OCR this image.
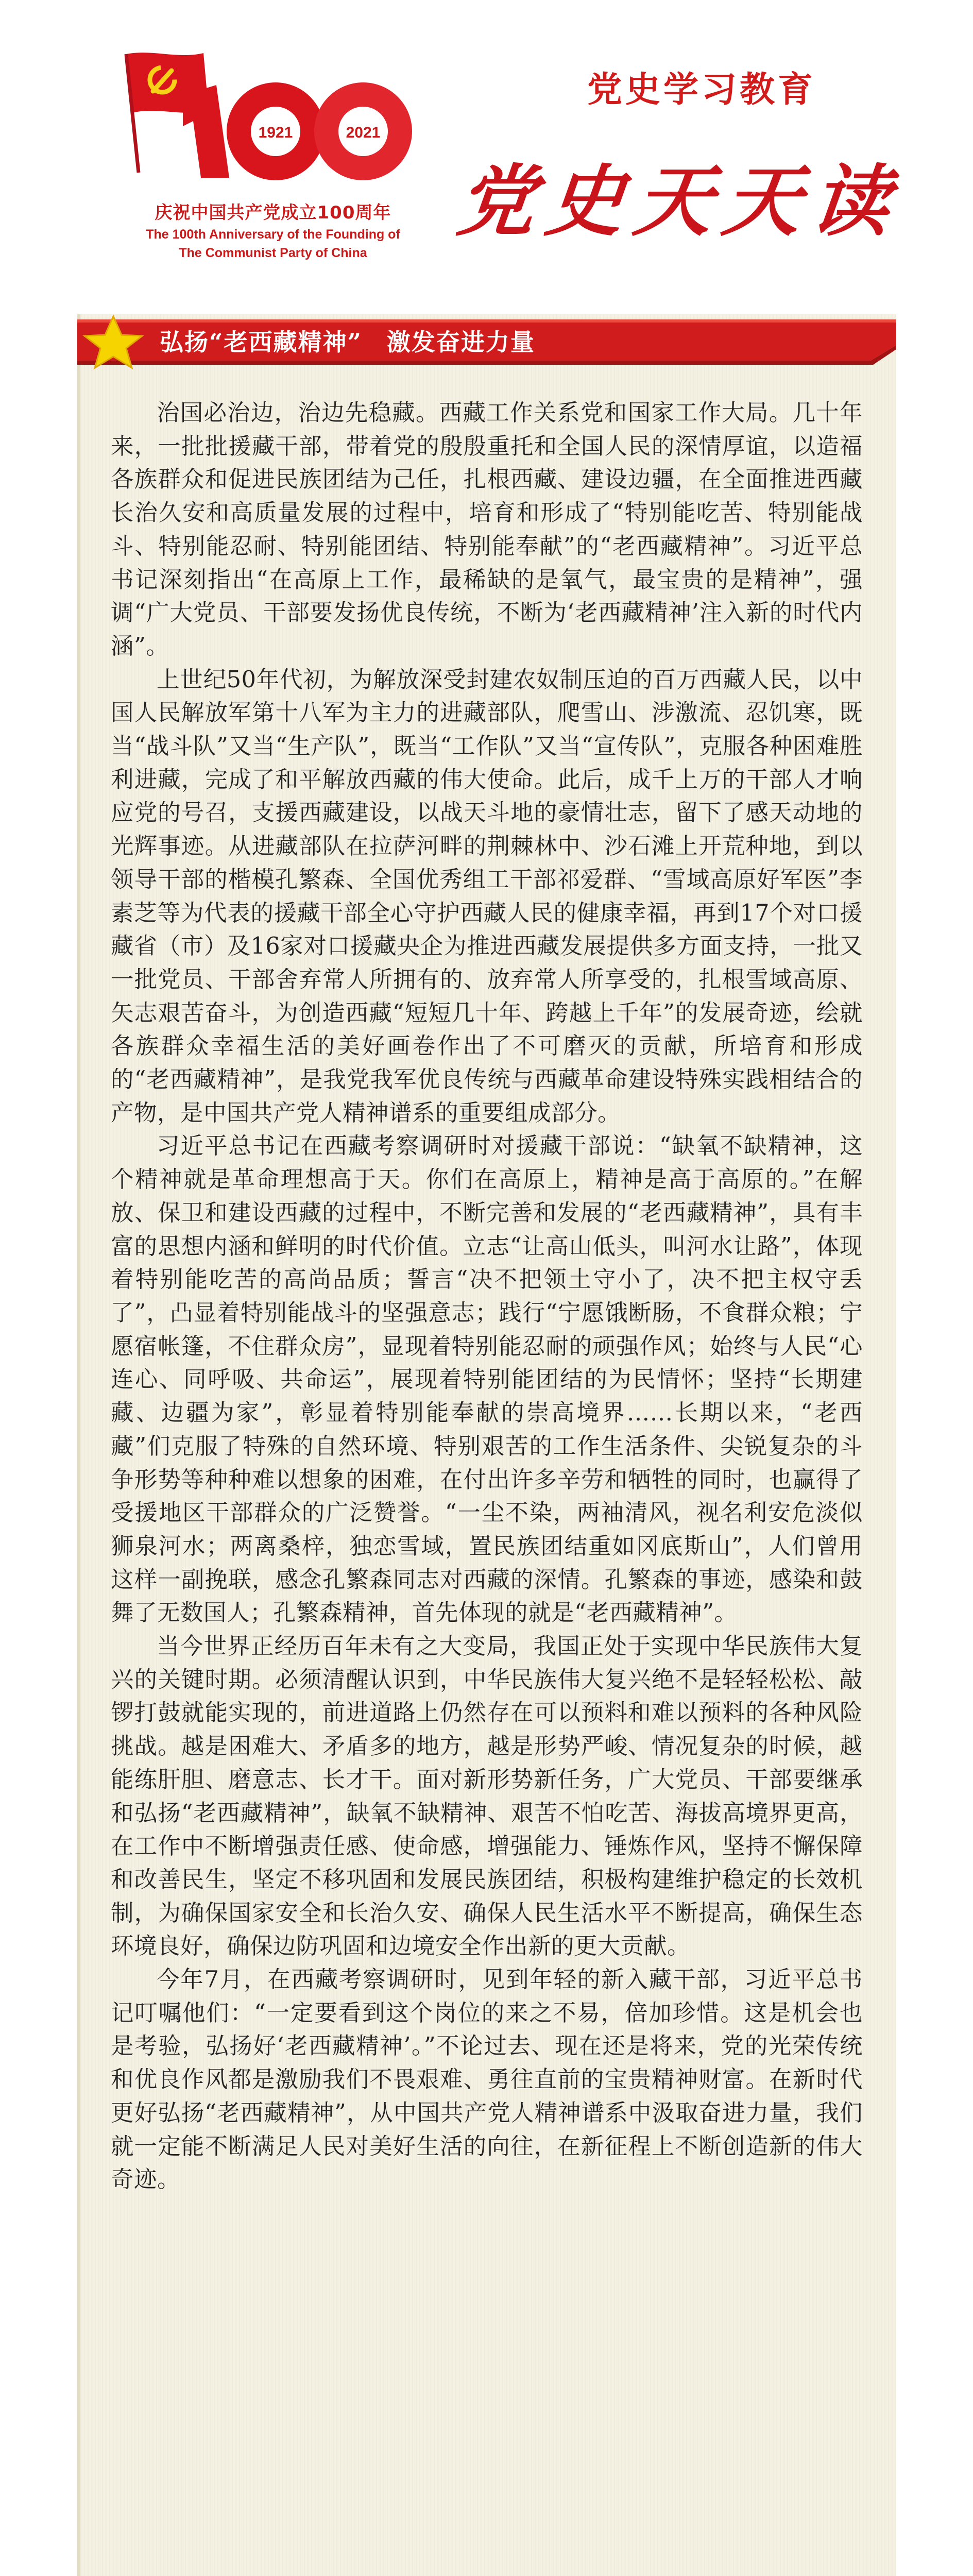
1921	2021
庆祝中国共产党成立100周年
The 100th Anniversary of the Founding of
The Communist Party of China
党史学习教育
党史天天读
弘扬“老西藏精神”　激发奋进力量

治国必治边，治边先稳藏。西藏工作关系党和国家工作大局。几十年来，一批批援藏干部，带着党的殷殷重托和全国人民的深情厚谊，以造福各族群众和促进民族团结为己任，扎根西藏、建设边疆，在全面推进西藏长治久安和高质量发展的过程中，培育和形成了“特别能吃苦、特别能战斗、特别能忍耐、特别能团结、特别能奉献”的“老西藏精神”。习近平总书记深刻指出“在高原上工作，最稀缺的是氧气，最宝贵的是精神”，强调“广大党员、干部要发扬优良传统，不断为‘老西藏精神’注入新的时代内涵”。

上世纪50年代初，为解放深受封建农奴制压迫的百万西藏人民，以中国人民解放军第十八军为主力的进藏部队，爬雪山、涉激流、忍饥寒，既当“战斗队”又当“生产队”，既当“工作队”又当“宣传队”，克服各种困难胜利进藏，完成了和平解放西藏的伟大使命。此后，成千上万的干部人才响应党的号召，支援西藏建设，以战天斗地的豪情壮志，留下了感天动地的光辉事迹。从进藏部队在拉萨河畔的荆棘林中、沙石滩上开荒种地，到以领导干部的楷模孔繁森、全国优秀组工干部祁爱群、“雪域高原好军医”李素芝等为代表的援藏干部全心守护西藏人民的健康幸福，再到17个对口援藏省（市）及16家对口援藏央企为推进西藏发展提供多方面支持，一批又一批党员、干部舍弃常人所拥有的、放弃常人所享受的，扎根雪域高原、矢志艰苦奋斗，为创造西藏“短短几十年、跨越上千年”的发展奇迹，绘就各族群众幸福生活的美好画卷作出了不可磨灭的贡献，所培育和形成的“老西藏精神”，是我党我军优良传统与西藏革命建设特殊实践相结合的产物，是中国共产党人精神谱系的重要组成部分。

习近平总书记在西藏考察调研时对援藏干部说：“缺氧不缺精神，这个精神就是革命理想高于天。你们在高原上，精神是高于高原的。”在解放、保卫和建设西藏的过程中，不断完善和发展的“老西藏精神”，具有丰富的思想内涵和鲜明的时代价值。立志“让高山低头，叫河水让路”，体现着特别能吃苦的高尚品质；誓言“决不把领土守小了，决不把主权守丢了”，凸显着特别能战斗的坚强意志；践行“宁愿饿断肠，不食群众粮；宁愿宿帐篷，不住群众房”，显现着特别能忍耐的顽强作风；始终与人民“心连心、同呼吸、共命运”，展现着特别能团结的为民情怀；坚持“长期建藏、边疆为家”，彰显着特别能奉献的崇高境界……长期以来，“老西藏”们克服了特殊的自然环境、特别艰苦的工作生活条件、尖锐复杂的斗争形势等种种难以想象的困难，在付出许多辛劳和牺牲的同时，也赢得了受援地区干部群众的广泛赞誉。“一尘不染，两袖清风，视名利安危淡似狮泉河水；两离桑梓，独恋雪域，置民族团结重如冈底斯山”，人们曾用这样一副挽联，感念孔繁森同志对西藏的深情。孔繁森的事迹，感染和鼓舞了无数国人；孔繁森精神，首先体现的就是“老西藏精神”。

当今世界正经历百年未有之大变局，我国正处于实现中华民族伟大复兴的关键时期。必须清醒认识到，中华民族伟大复兴绝不是轻轻松松、敲锣打鼓就能实现的，前进道路上仍然存在可以预料和难以预料的各种风险挑战。越是困难大、矛盾多的地方，越是形势严峻、情况复杂的时候，越能练肝胆、磨意志、长才干。面对新形势新任务，广大党员、干部要继承和弘扬“老西藏精神”，缺氧不缺精神、艰苦不怕吃苦、海拔高境界更高，在工作中不断增强责任感、使命感，增强能力、锤炼作风，坚持不懈保障和改善民生，坚定不移巩固和发展民族团结，积极构建维护稳定的长效机制，为确保国家安全和长治久安、确保人民生活水平不断提高，确保生态环境良好，确保边防巩固和边境安全作出新的更大贡献。

今年7月，在西藏考察调研时，见到年轻的新入藏干部，习近平总书记叮嘱他们：“一定要看到这个岗位的来之不易，倍加珍惜。这是机会也是考验，弘扬好‘老西藏精神’。”不论过去、现在还是将来，党的光荣传统和优良作风都是激励我们不畏艰难、勇往直前的宝贵精神财富。在新时代更好弘扬“老西藏精神”，从中国共产党人精神谱系中汲取奋进力量，我们就一定能不断满足人民对美好生活的向往，在新征程上不断创造新的伟大奇迹。
